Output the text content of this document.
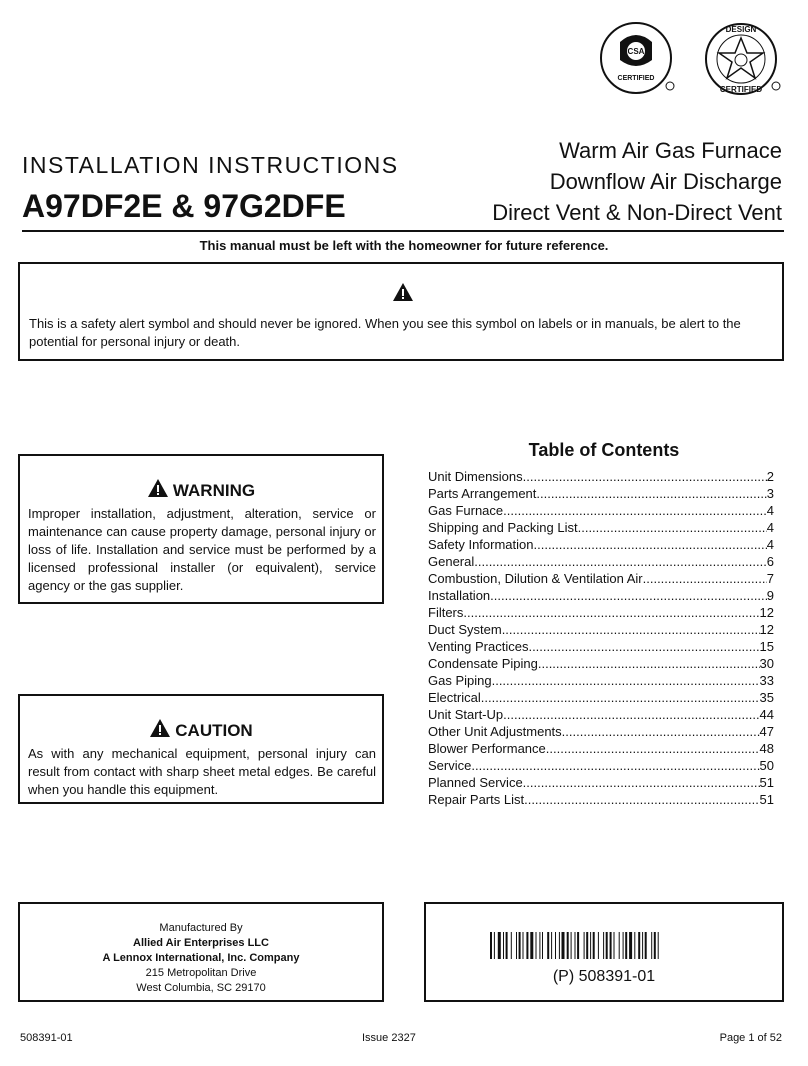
CSA
CERTIFIED
DESIGN
CERTIFIED
INSTALLATION INSTRUCTIONS
A97DF2E & 97G2DFE
Warm Air Gas Furnace
Downflow Air Discharge
Direct Vent & Non-Direct Vent
This manual must be left with the homeowner for future reference.
This is a safety alert symbol and should never be ignored. When you see this symbol on labels or in manuals, be alert to the potential for personal injury or death.
WARNING
Improper installation, adjustment, alteration, service or maintenance can cause property damage, personal injury or loss of life. Installation and service must be performed by a licensed professional installer (or equivalent), service agency or the gas supplier.
CAUTION
As with any mechanical equipment, personal injury can result from contact with sharp sheet metal edges. Be careful when you handle this equipment.
Table of Contents
Unit Dimensions .....	2
Parts Arrangement .....	3
Gas Furnace .....	4
Shipping and Packing List .....	4
Safety Information .....	4
General .....	6
Combustion, Dilution & Ventilation Air .....	7
Installation .....	9
Filters .....	12
Duct System .....	12
Venting Practices .....	15
Condensate Piping .....	30
Gas Piping .....	33
Electrical .....	35
Unit Start-Up .....	44
Other Unit Adjustments .....	47
Blower Performance .....	48
Service .....	50
Planned Service .....	51
Repair Parts List .....	51
Manufactured By
Allied Air Enterprises LLC
A Lennox International, Inc. Company
215 Metropolitan Drive
West Columbia, SC 29170
(P) 508391-01
508391-01	Issue 2327	Page 1 of 52
